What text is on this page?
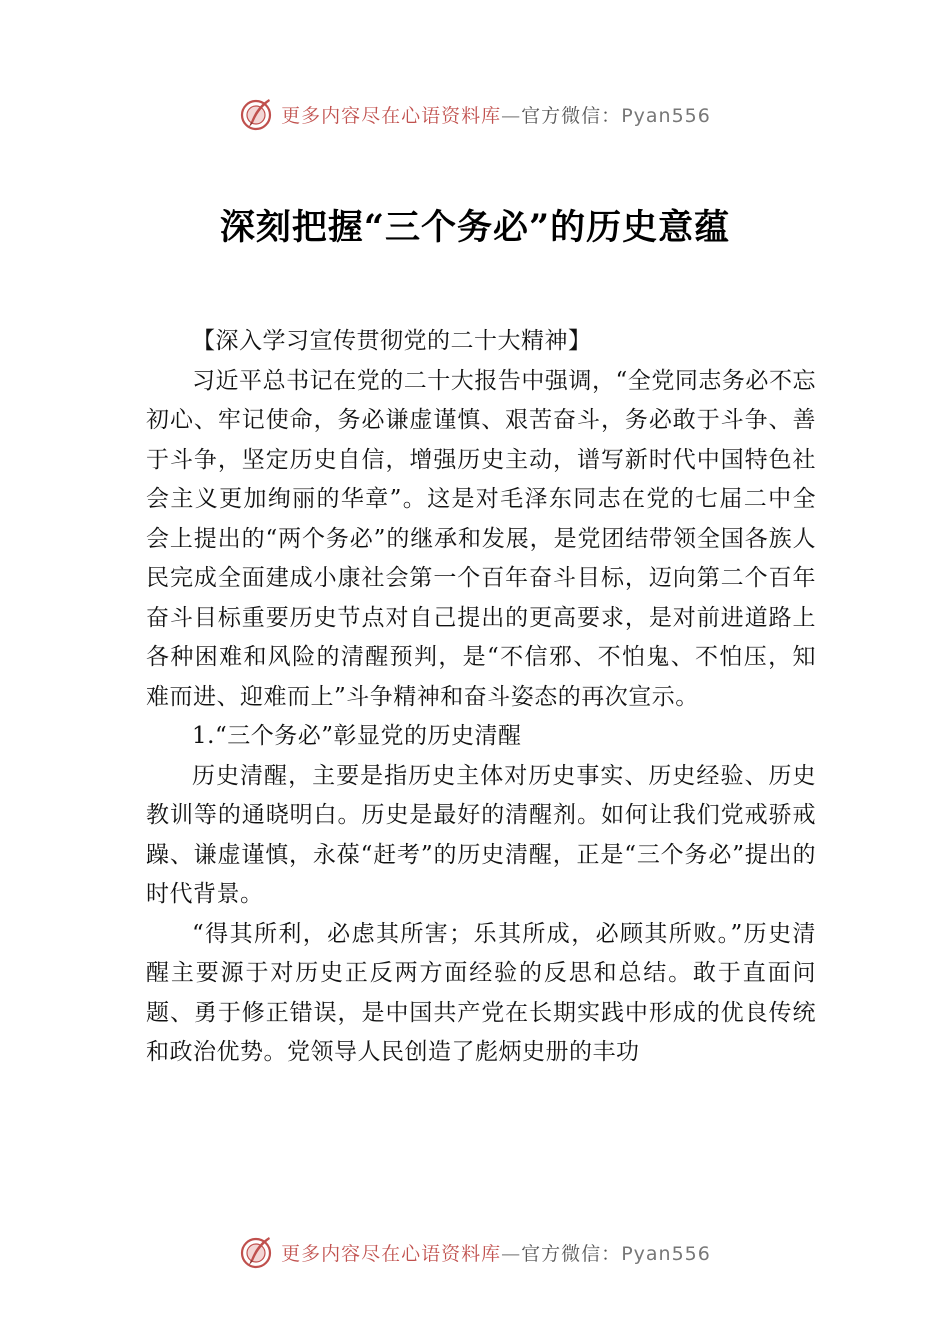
更多内容尽在心语资料库—官方微信：Pyan556
深刻把握“三个务必”的历史意蕴

【深入学习宣传贯彻党的二十大精神】

习近平总书记在党的二十大报告中强调，“全党同志务必不忘初心、牢记使命，务必谦虚谨慎、艰苦奋斗，务必敢于斗争、善于斗争，坚定历史自信，增强历史主动，谱写新时代中国特色社会主义更加绚丽的华章”。这是对毛泽东同志在党的七届二中全会上提出的“两个务必”的继承和发展，是党团结带领全国各族人民完成全面建成小康社会第一个百年奋斗目标，迈向第二个百年奋斗目标重要历史节点对自己提出的更高要求，是对前进道路上各种困难和风险的清醒预判，是“不信邪、不怕鬼、不怕压，知难而进、迎难而上”斗争精神和奋斗姿态的再次宣示。

1.“三个务必”彰显党的历史清醒

历史清醒，主要是指历史主体对历史事实、历史经验、历史教训等的通晓明白。历史是最好的清醒剂。如何让我们党戒骄戒躁、谦虚谨慎，永葆“赶考”的历史清醒，正是“三个务必”提出的时代背景。

“得其所利，必虑其所害；乐其所成，必顾其所败。”历史清醒主要源于对历史正反两方面经验的反思和总结。敢于直面问题、勇于修正错误，是中国共产党在长期实践中形成的优良传统和政治优势。党领导人民创造了彪炳史册的丰功

更多内容尽在心语资料库—官方微信：Pyan556
